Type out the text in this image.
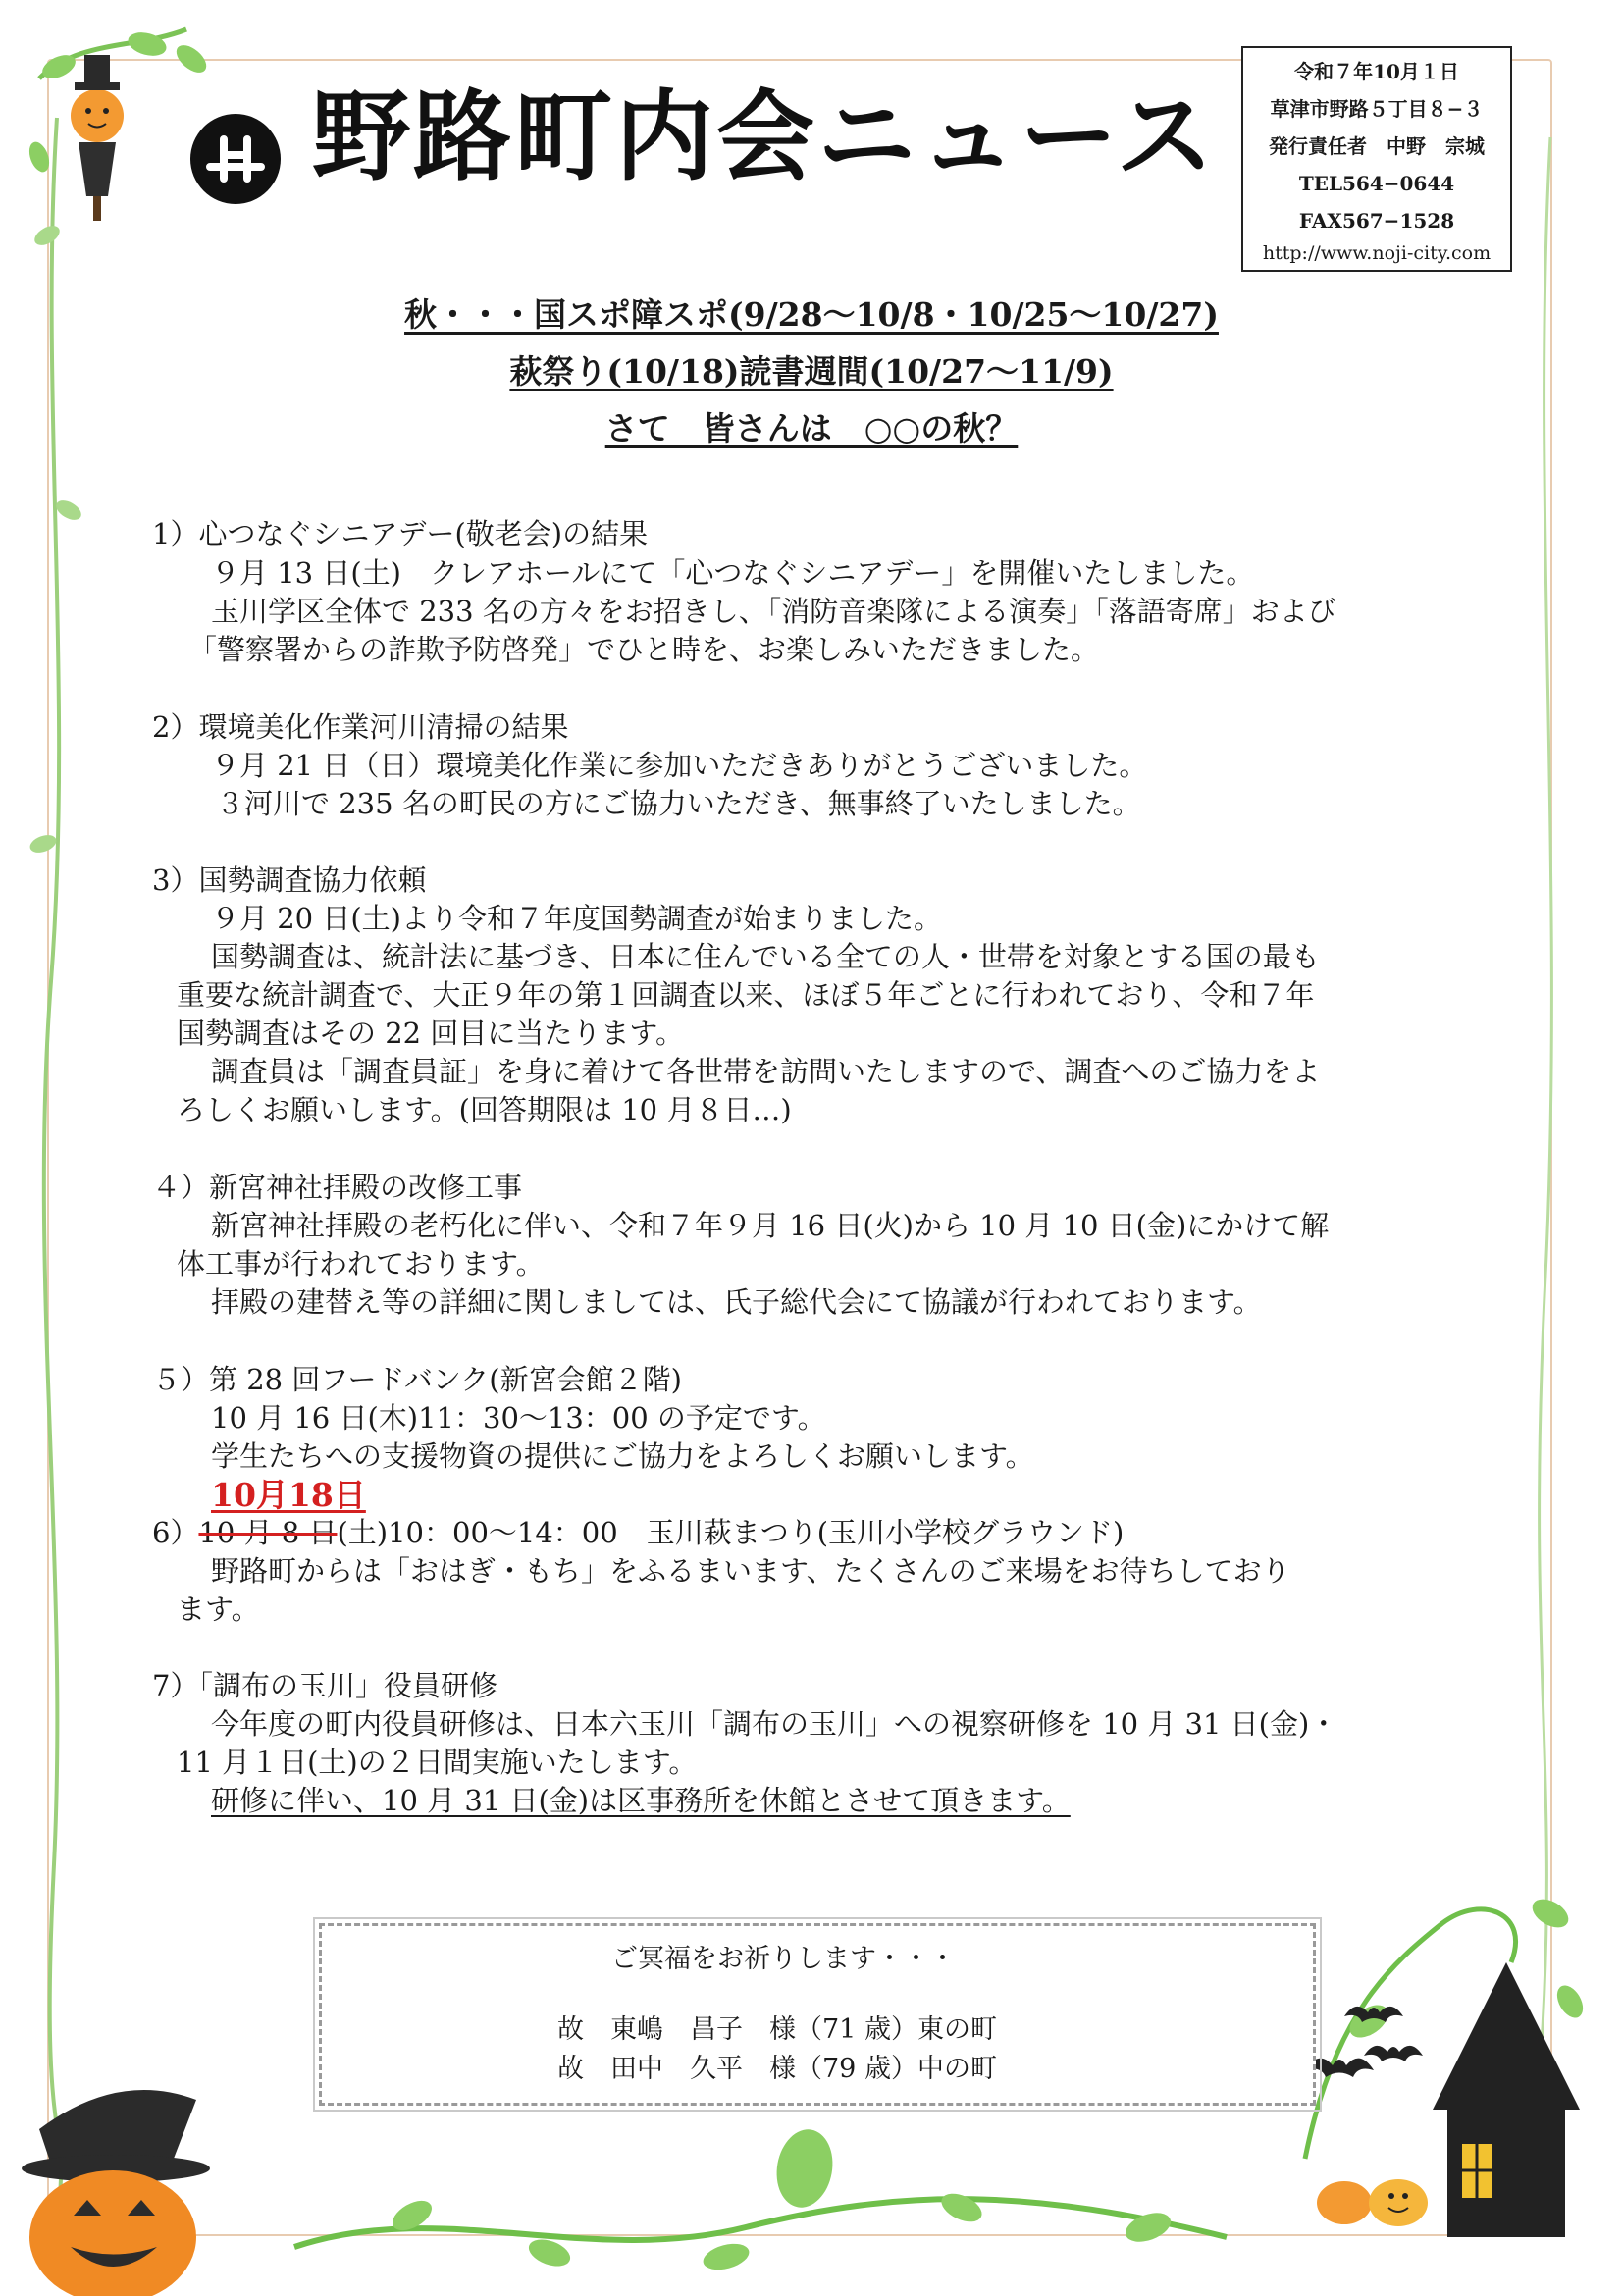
野路町内会ニュース
令和７年10月１日
草津市野路５丁目８−３
発行責任者　中野　宗城
TEL564−0644
FAX567−1528
http://www.noji-city.com
秋・・・国スポ障スポ(9/28〜10/8・10/25〜10/27)
萩祭り(10/18)読書週間(10/27〜11/9)
さて　皆さんは　○○の秋？
1）心つなぐシニアデー(敬老会)の結果
９月 13 日(土)　クレアホールにて「心つなぐシニアデー」を開催いたしました。
玉川学区全体で 233 名の方々をお招きし、「消防音楽隊による演奏」「落語寄席」および
「警察署からの詐欺予防啓発」でひと時を、お楽しみいただきました。
2）環境美化作業河川清掃の結果
９月 21 日（日）環境美化作業に参加いただきありがとうございました。
３河川で 235 名の町民の方にご協力いただき、無事終了いたしました。
3）国勢調査協力依頼
９月 20 日(土)より令和７年度国勢調査が始まりました。
国勢調査は、統計法に基づき、日本に住んでいる全ての人・世帯を対象とする国の最も
重要な統計調査で、大正９年の第１回調査以来、ほぼ５年ごとに行われており、令和７年
国勢調査はその 22 回目に当たります。
調査員は「調査員証」を身に着けて各世帯を訪問いたしますので、調査へのご協力をよ
ろしくお願いします。(回答期限は 10 月８日…)
４）新宮神社拝殿の改修工事
新宮神社拝殿の老朽化に伴い、令和７年９月 16 日(火)から 10 月 10 日(金)にかけて解
体工事が行われております。
拝殿の建替え等の詳細に関しましては、氏子総代会にて協議が行われております。
５）第 28 回フードバンク(新宮会館２階)
10 月 16 日(木)11：30〜13：00 の予定です。
学生たちへの支援物資の提供にご協力をよろしくお願いします。
10月18日
6）10 月 8 日(土)10：00〜14：00　玉川萩まつり(玉川小学校グラウンド)
野路町からは「おはぎ・もち」をふるまいます、たくさんのご来場をお待ちしており
ます。
7）「調布の玉川」役員研修
今年度の町内役員研修は、日本六玉川「調布の玉川」への視察研修を 10 月 31 日(金)・
11 月１日(土)の２日間実施いたします。
研修に伴い、10 月 31 日(金)は区事務所を休館とさせて頂きます。
ご冥福をお祈りします・・・
故　東嶋　昌子　様（71 歳）東の町
故　田中　久平　様（79 歳）中の町
